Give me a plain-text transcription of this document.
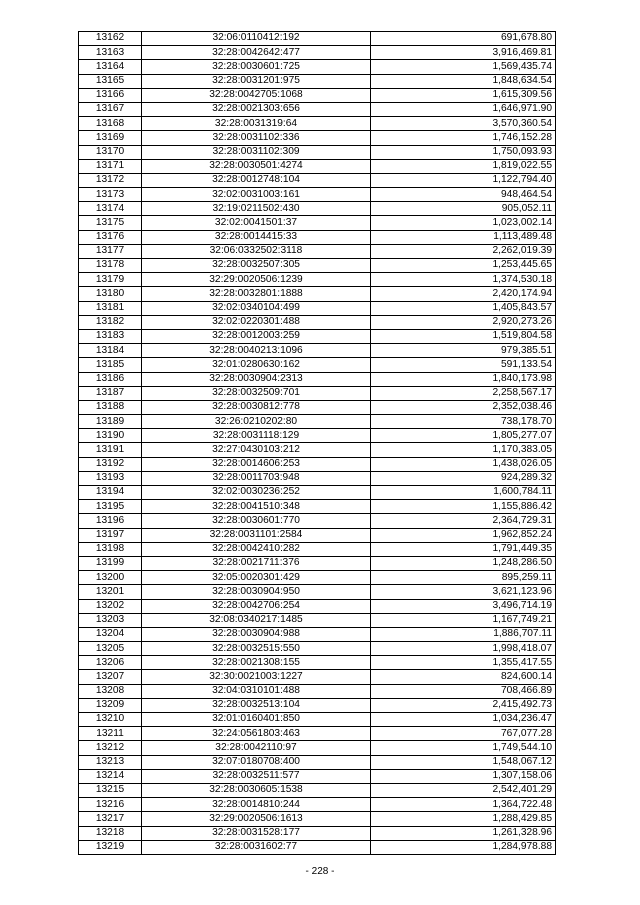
13162	32:06:0110412:192	691,678.80
13163	32:28:0042642:477	3,916,469.81
13164	32:28:0030601:725	1,569,435.74
13165	32:28:0031201:975	1,848,634.54
13166	32:28:0042705:1068	1,615,309.56
13167	32:28:0021303:656	1,646,971.90
13168	32:28:0031319:64	3,570,360.54
13169	32:28:0031102:336	1,746,152.28
13170	32:28:0031102:309	1,750,093.93
13171	32:28:0030501:4274	1,819,022.55
13172	32:28:0012748:104	1,122,794.40
13173	32:02:0031003:161	948,464.54
13174	32:19:0211502:430	905,052.11
13175	32:02:0041501:37	1,023,002.14
13176	32:28:0014415:33	1,113,489.48
13177	32:06:0332502:3118	2,262,019.39
13178	32:28:0032507:305	1,253,445.65
13179	32:29:0020506:1239	1,374,530.18
13180	32:28:0032801:1888	2,420,174.94
13181	32:02:0340104:499	1,405,843.57
13182	32:02:0220301:488	2,920,273.26
13183	32:28:0012003:259	1,519,804.58
13184	32:28:0040213:1096	979,385.51
13185	32:01:0280630:162	591,133.54
13186	32:28:0030904:2313	1,840,173.98
13187	32:28:0032509:701	2,258,567.17
13188	32:28:0030812:778	2,352,038.46
13189	32:26:0210202:80	738,178.70
13190	32:28:0031118:129	1,805,277.07
13191	32:27:0430103:212	1,170,383.05
13192	32:28:0014606:253	1,438,026.05
13193	32:28:0011703:948	924,289.32
13194	32:02:0030236:252	1,600,784.11
13195	32:28:0041510:348	1,155,886.42
13196	32:28:0030601:770	2,364,729.31
13197	32:28:0031101:2584	1,962,852.24
13198	32:28:0042410:282	1,791,449.35
13199	32:28:0021711:376	1,248,286.50
13200	32:05:0020301:429	895,259.11
13201	32:28:0030904:950	3,621,123.96
13202	32:28:0042706:254	3,496,714.19
13203	32:08:0340217:1485	1,167,749.21
13204	32:28:0030904:988	1,886,707.11
13205	32:28:0032515:550	1,998,418.07
13206	32:28:0021308:155	1,355,417.55
13207	32:30:0021003:1227	824,600.14
13208	32:04:0310101:488	708,466.89
13209	32:28:0032513:104	2,415,492.73
13210	32:01:0160401:850	1,034,236.47
13211	32:24:0561803:463	767,077.28
13212	32:28:0042110:97	1,749,544.10
13213	32:07:0180708:400	1,548,067.12
13214	32:28:0032511:577	1,307,158.06
13215	32:28:0030605:1538	2,542,401.29
13216	32:28:0014810:244	1,364,722.48
13217	32:29:0020506:1613	1,288,429.85
13218	32:28:0031528:177	1,261,328.96
13219	32:28:0031602:77	1,284,978.88
- 228 -
